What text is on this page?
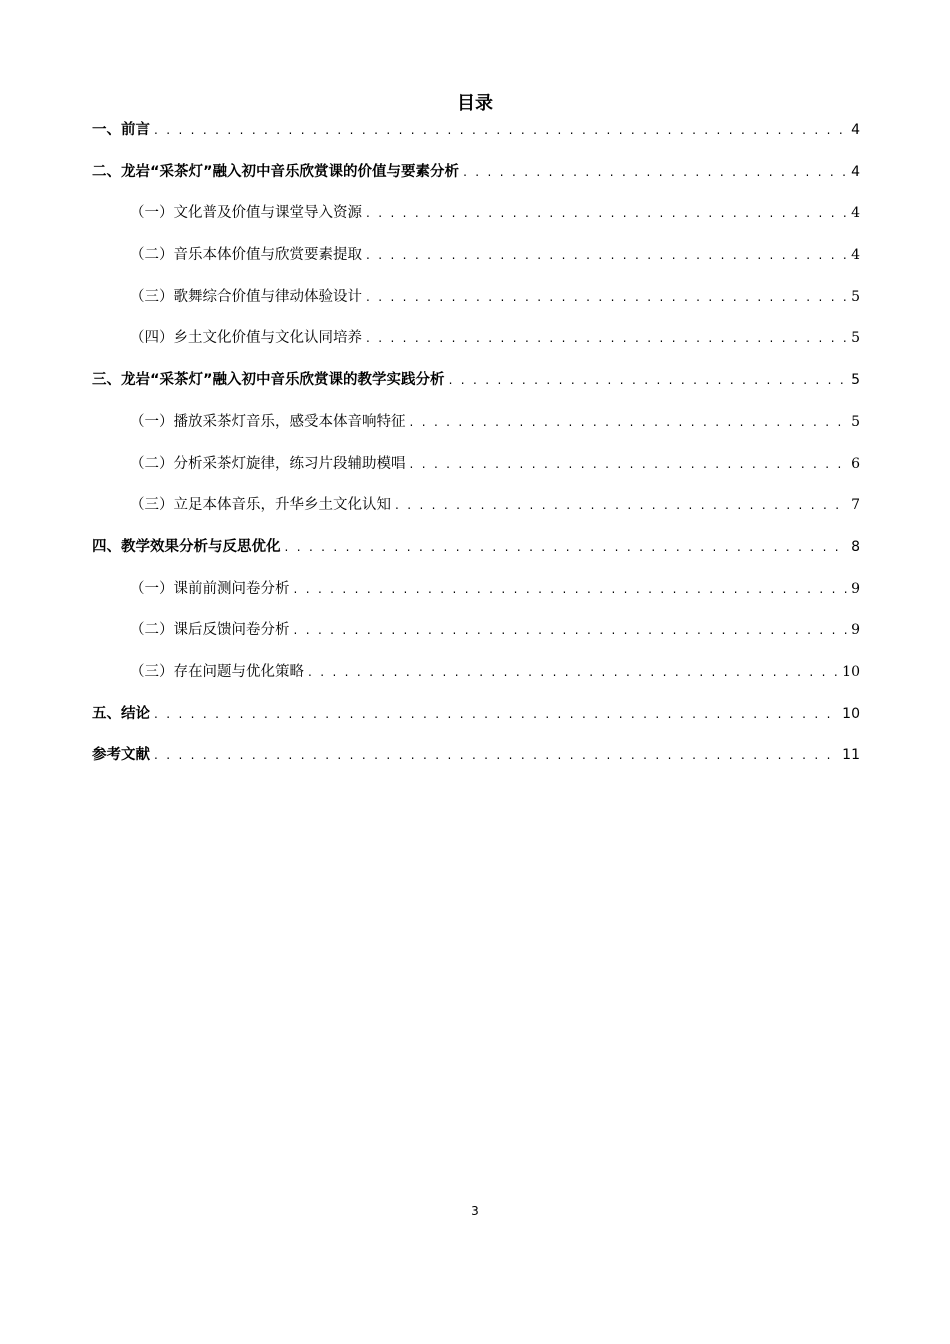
目录
一、前言 . . .	4
二、龙岩“采茶灯”融入初中音乐欣赏课的价值与要素分析 . . .	4
（一）文化普及价值与课堂导入资源 . . .	4
（二）音乐本体价值与欣赏要素提取 . . .	4
（三）歌舞综合价值与律动体验设计 . . .	5
（四）乡土文化价值与文化认同培养 . . .	5
三、龙岩“采茶灯”融入初中音乐欣赏课的教学实践分析 . . .	5
（一）播放采茶灯音乐，感受本体音响特征 . . .	5
（二）分析采茶灯旋律，练习片段辅助模唱 . . .	6
（三）立足本体音乐，升华乡土文化认知 . . .	7
四、教学效果分析与反思优化 . . .	8
（一）课前前测问卷分析 . . .	9
（二）课后反馈问卷分析 . . .	9
（三）存在问题与优化策略 . . .	10
五、结论 . . .	10
参考文献 . . .	11
3
